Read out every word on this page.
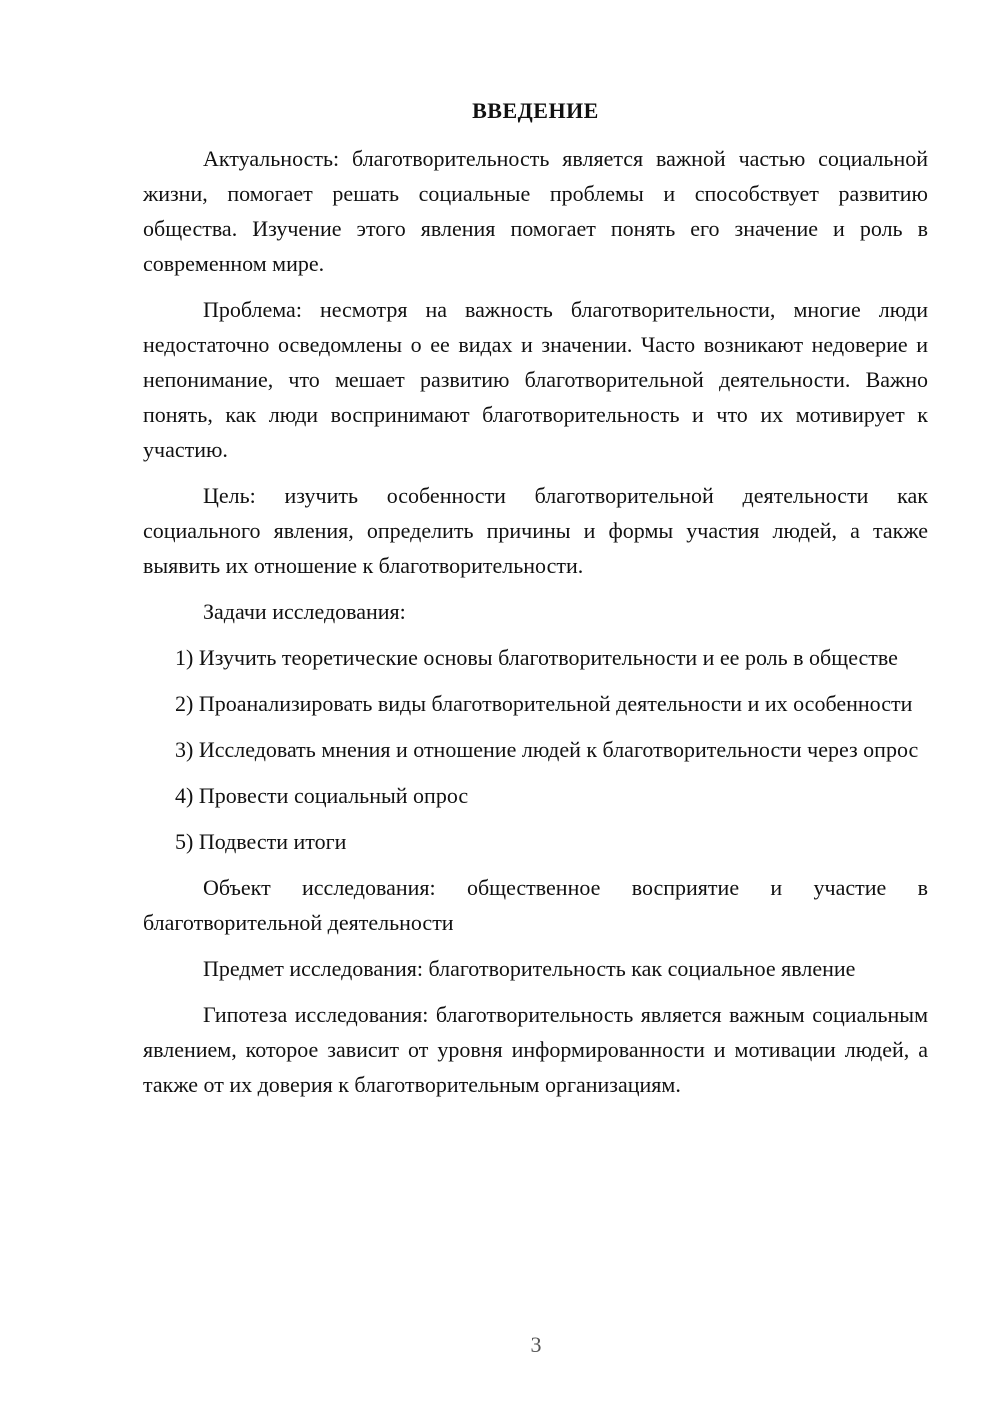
ВВЕДЕНИЕ

Актуальность: благотворительность является важной частью социальной жизни, помогает решать социальные проблемы и способствует развитию общества. Изучение этого явления помогает понять его значение и роль в современном мире.

Проблема: несмотря на важность благотворительности, многие люди недостаточно осведомлены о ее видах и значении. Часто возникают недоверие и непонимание, что мешает развитию благотворительной деятельности. Важно понять, как люди воспринимают благотворительность и что их мотивирует к участию.

Цель: изучить особенности благотворительной деятельности как социального явления, определить причины и формы участия людей, а также выявить их отношение к благотворительности.

Задачи исследования:

1) Изучить теоретические основы благотворительности и ее роль в обществе

2) Проанализировать виды благотворительной деятельности и их особенности

3) Исследовать мнения и отношение людей к благотворительности через опрос

4) Провести социальный опрос

5) Подвести итоги

Объект исследования: общественное восприятие и участие в благотворительной деятельности

Предмет исследования: благотворительность как социальное явление

Гипотеза исследования: благотворительность является важным социальным явлением, которое зависит от уровня информированности и мотивации людей, а также от их доверия к благотворительным организациям.

3
